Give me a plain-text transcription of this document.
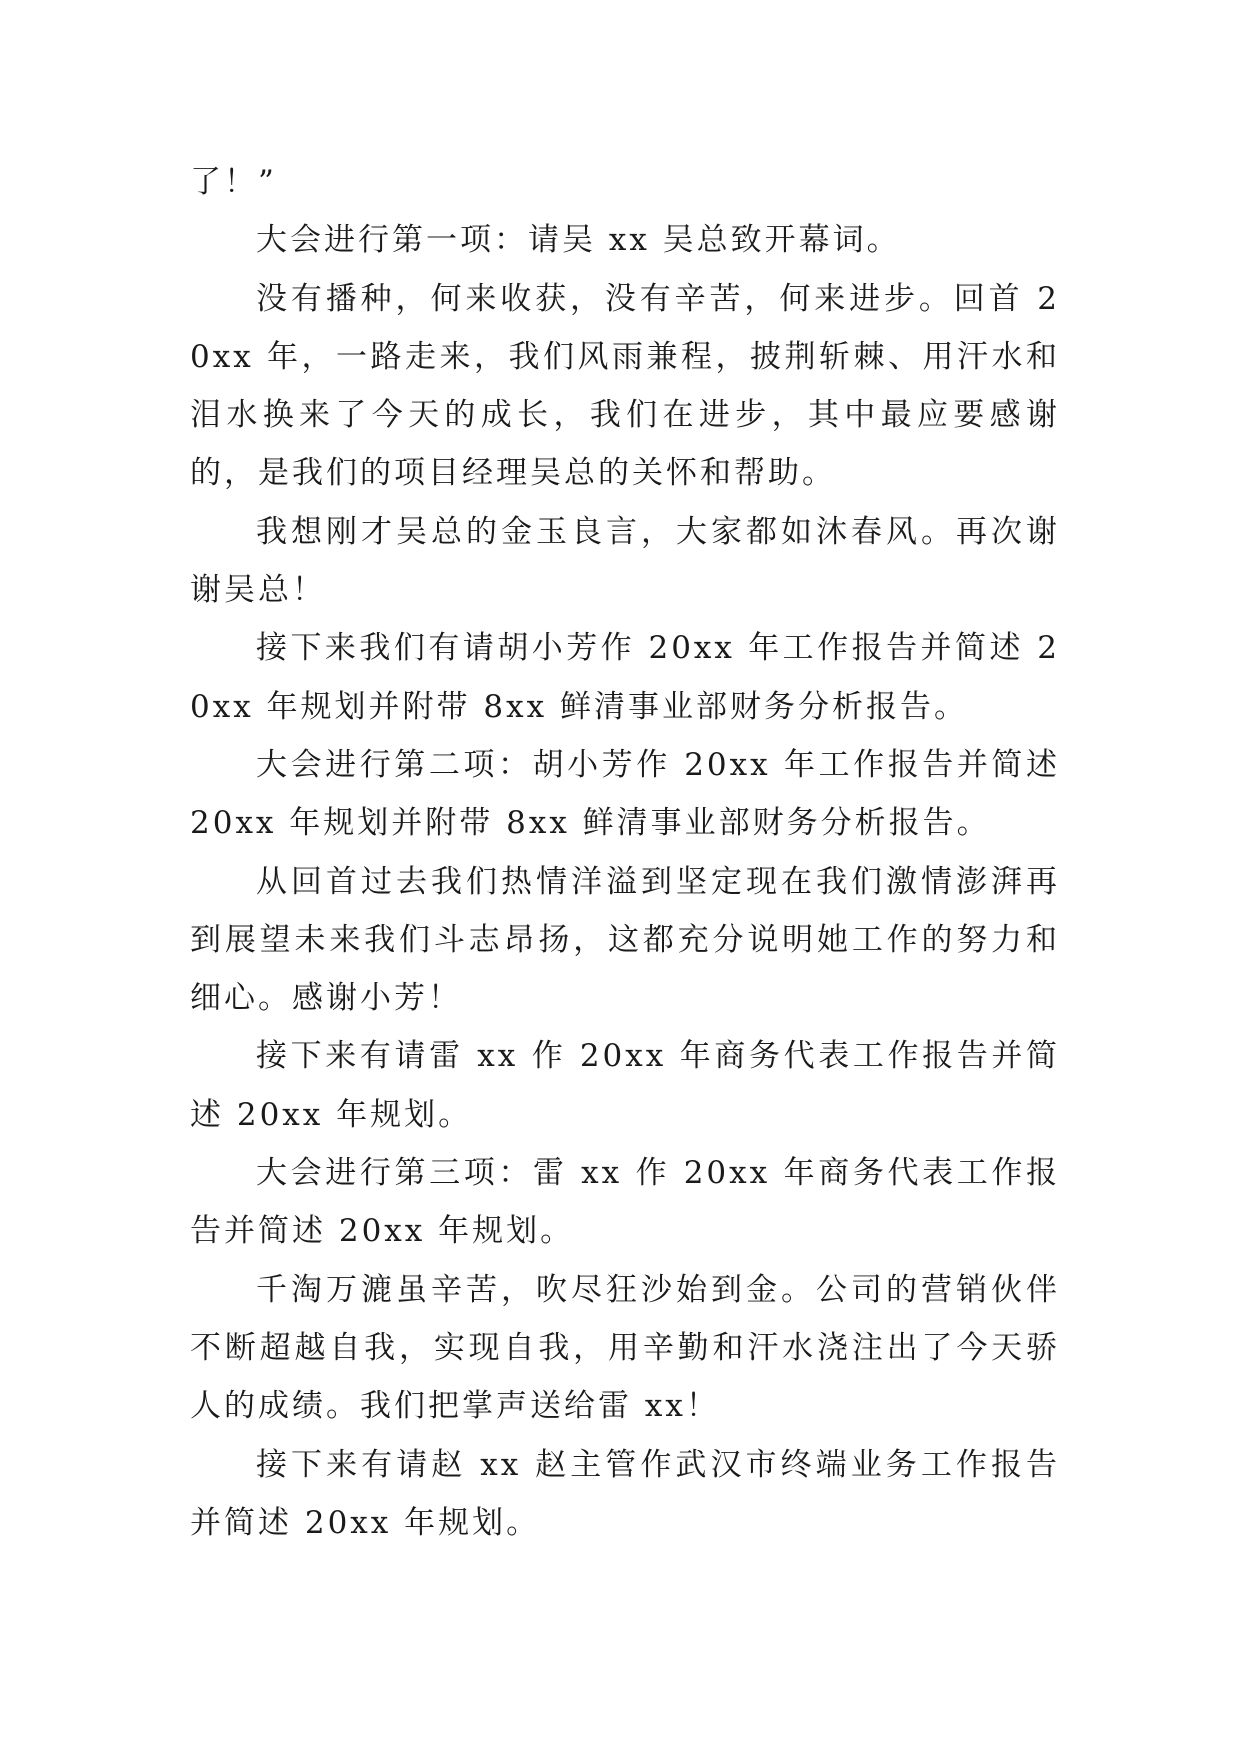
了！”

大会进行第一项：请吴 xx 吴总致开幕词。

没有播种，何来收获，没有辛苦，何来进步。回首 20xx 年，一路走来，我们风雨兼程，披荆斩棘、用汗水和泪水换来了今天的成长，我们在进步，其中最应要感谢的，是我们的项目经理吴总的关怀和帮助。

我想刚才吴总的金玉良言，大家都如沐春风。再次谢谢吴总！

接下来我们有请胡小芳作 20xx 年工作报告并简述 20xx 年规划并附带 8xx 鲜清事业部财务分析报告。

大会进行第二项：胡小芳作 20xx 年工作报告并简述 20xx 年规划并附带 8xx 鲜清事业部财务分析报告。

从回首过去我们热情洋溢到坚定现在我们激情澎湃再到展望未来我们斗志昂扬，这都充分说明她工作的努力和细心。感谢小芳！

接下来有请雷 xx 作 20xx 年商务代表工作报告并简述 20xx 年规划。

大会进行第三项：雷 xx 作 20xx 年商务代表工作报告并简述 20xx 年规划。

千淘万漉虽辛苦，吹尽狂沙始到金。公司的营销伙伴不断超越自我，实现自我，用辛勤和汗水浇注出了今天骄人的成绩。我们把掌声送给雷 xx！

接下来有请赵 xx 赵主管作武汉市终端业务工作报告并简述 20xx 年规划。
